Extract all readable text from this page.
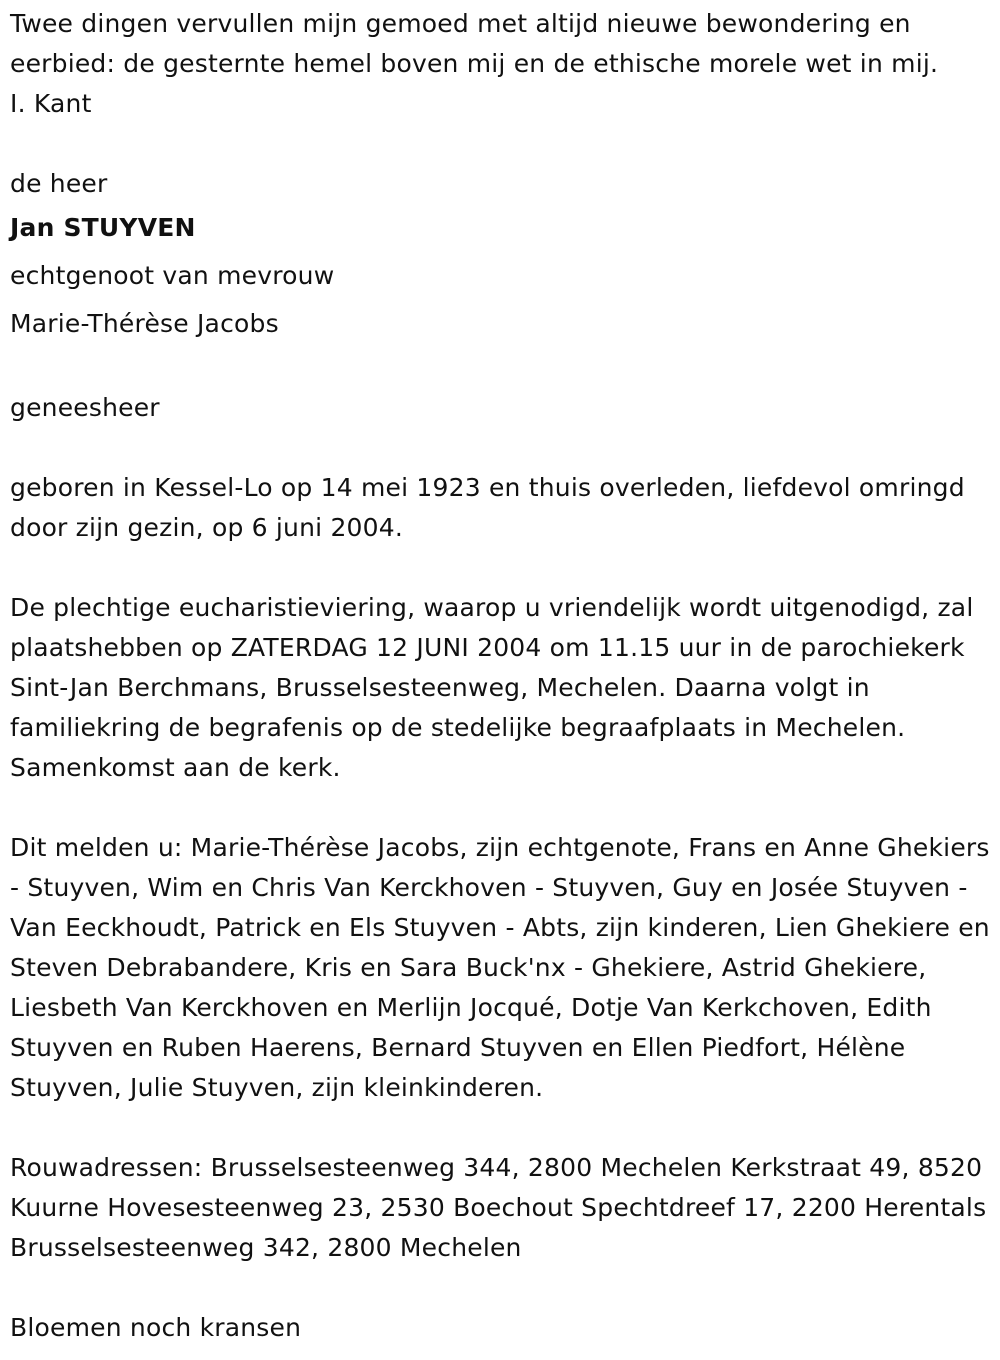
Twee dingen vervullen mijn gemoed met altijd nieuwe bewondering en eerbied: de gesternte hemel boven mij en de ethische morele wet in mij.

I. Kant

de heer

Jan STUYVEN

echtgenoot van mevrouw

Marie-Thérèse Jacobs

geneesheer

geboren in Kessel-Lo op 14 mei 1923 en thuis overleden, liefdevol omringd door zijn gezin, op 6 juni 2004.

De plechtige eucharistieviering, waarop u vriendelijk wordt uitgenodigd, zal plaatshebben op ZATERDAG 12 JUNI 2004 om 11.15 uur in de parochiekerk Sint-Jan Berchmans, Brusselsesteenweg, Mechelen. Daarna volgt in familiekring de begrafenis op de stedelijke begraafplaats in Mechelen. Samenkomst aan de kerk.

Dit melden u: Marie-Thérèse Jacobs, zijn echtgenote, Frans en Anne Ghekiers - Stuyven, Wim en Chris Van Kerckhoven - Stuyven, Guy en Josée Stuyven - Van Eeckhoudt, Patrick en Els Stuyven - Abts, zijn kinderen, Lien Ghekiere en Steven Debrabandere, Kris en Sara Buck'nx - Ghekiere, Astrid Ghekiere, Liesbeth Van Kerckhoven en Merlijn Jocqué, Dotje Van Kerkchoven, Edith Stuyven en Ruben Haerens, Bernard Stuyven en Ellen Piedfort, Hélène Stuyven, Julie Stuyven, zijn kleinkinderen.

Rouwadressen: Brusselsesteenweg 344, 2800 Mechelen Kerkstraat 49, 8520 Kuurne Hovesesteenweg 23, 2530 Boechout Spechtdreef 17, 2200 Herentals Brusselsesteenweg 342, 2800 Mechelen

Bloemen noch kransen
